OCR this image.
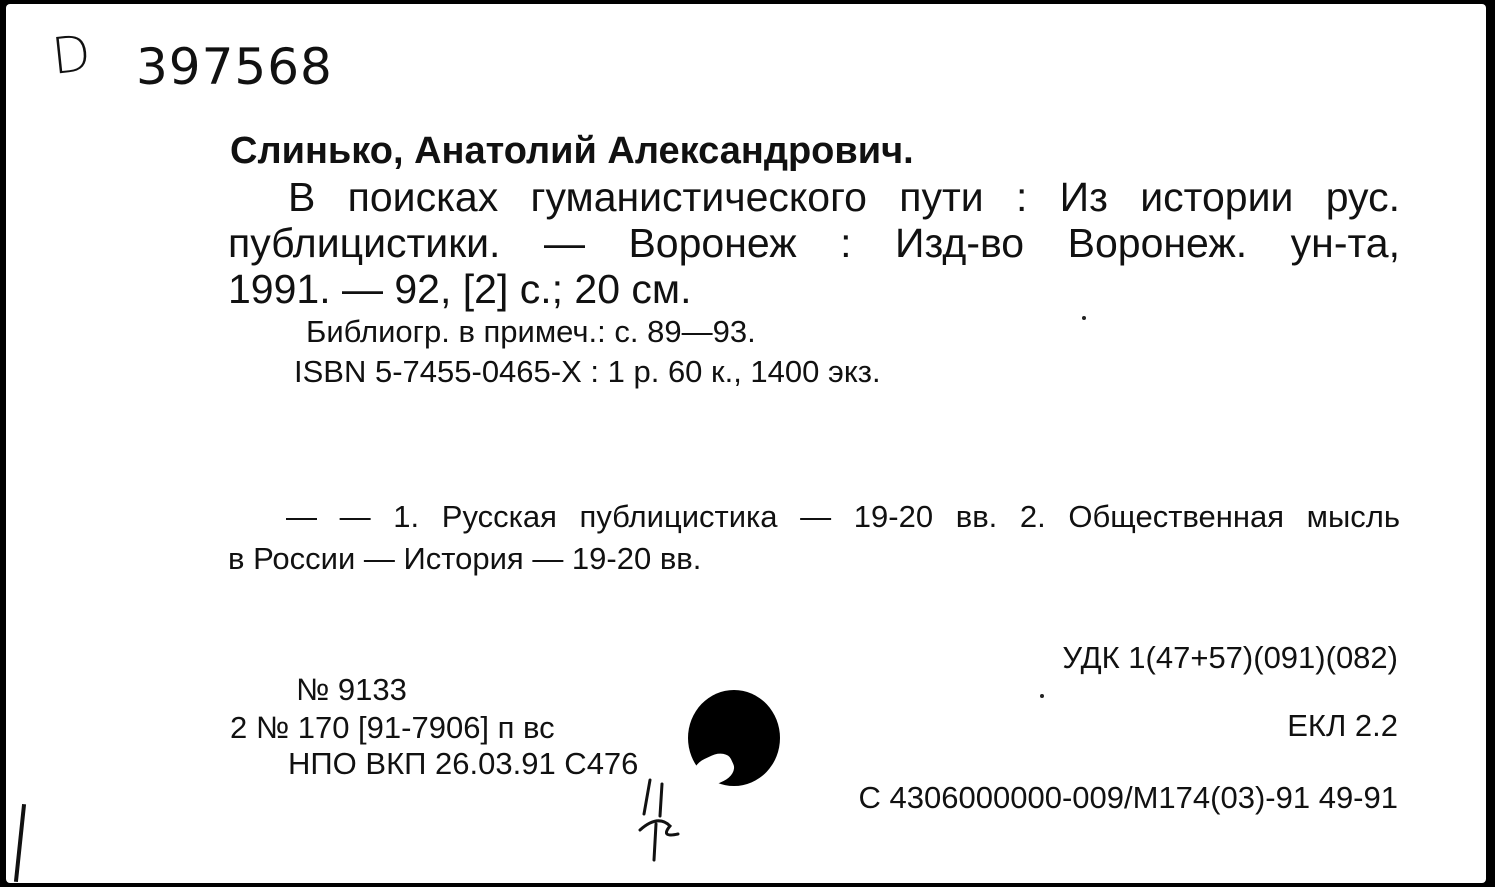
D 397568
Слинько, Анатолий Александрович.
В поисках гуманистического пути : Из истории рус.
публицистики. — Воронеж : Изд-во Воронеж. ун-та,
1991. — 92, [2] с.; 20 см.
Библиогр. в примеч.: с. 89—93.
ISBN 5-7455-0465-X : 1 р. 60 к., 1400 экз.
— — 1. Русская публицистика — 19-20 вв. 2. Общественная мысль
в России — История — 19-20 вв.
УДК 1(47+57)(091)(082)
ЕКЛ 2.2
№ 9133
2 № 170 [91-7906] п вс
НПО ВКП 26.03.91 С476
С 4306000000-009/М174(03)-91 49-91
